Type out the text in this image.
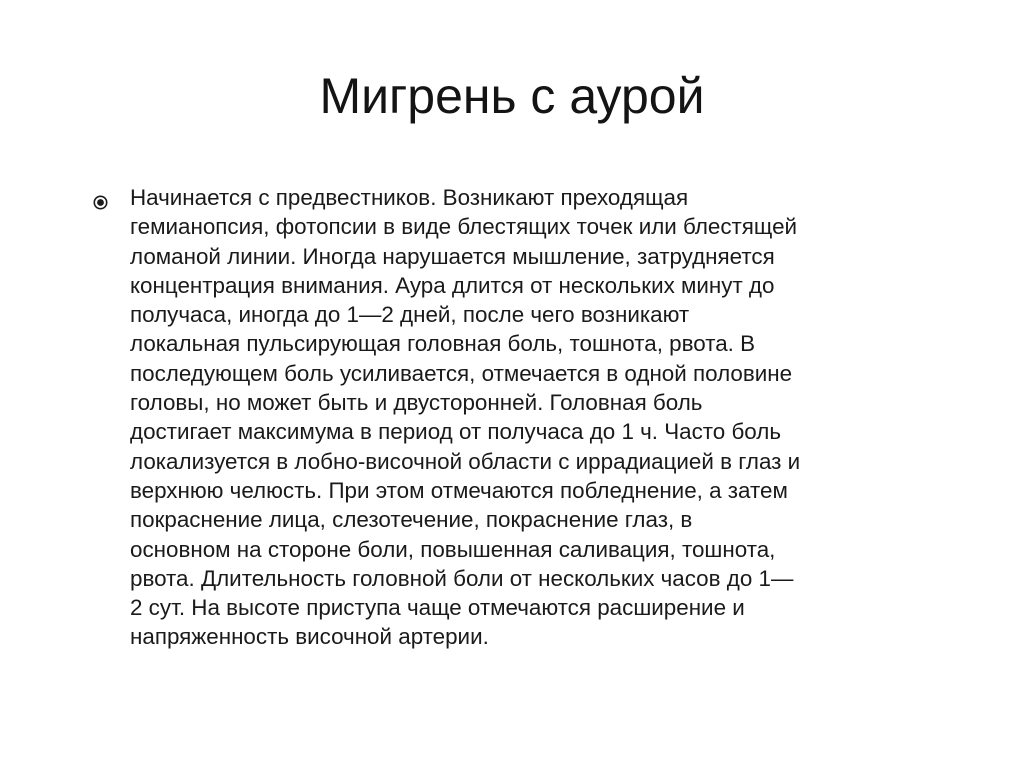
Мигрень с аурой

Начинается с предвестников. Возникают преходящая
гемианопсия, фотопсии в виде блестящих точек или блестящей
ломаной линии. Иногда нарушается мышление, затрудняется
концентрация внимания. Аура длится от нескольких минут до
получаса, иногда до 1—2 дней, после чего возникают
локальная пульсирующая головная боль, тошнота, рвота. В
последующем боль усиливается, отмечается в одной половине
головы, но может быть и двусторонней. Головная боль
достигает максимума в период от получаса до 1 ч. Часто боль
локализуется в лобно-височной области с иррадиацией в глаз и
верхнюю челюсть. При этом отмечаются побледнение, а затем
покраснение лица, слезотечение, покраснение глаз, в
основном на стороне боли, повышенная саливация, тошнота,
рвота. Длительность головной боли от нескольких часов до 1—
2 сут. На высоте приступа чаще отмечаются расширение и
напряженность височной артерии.
